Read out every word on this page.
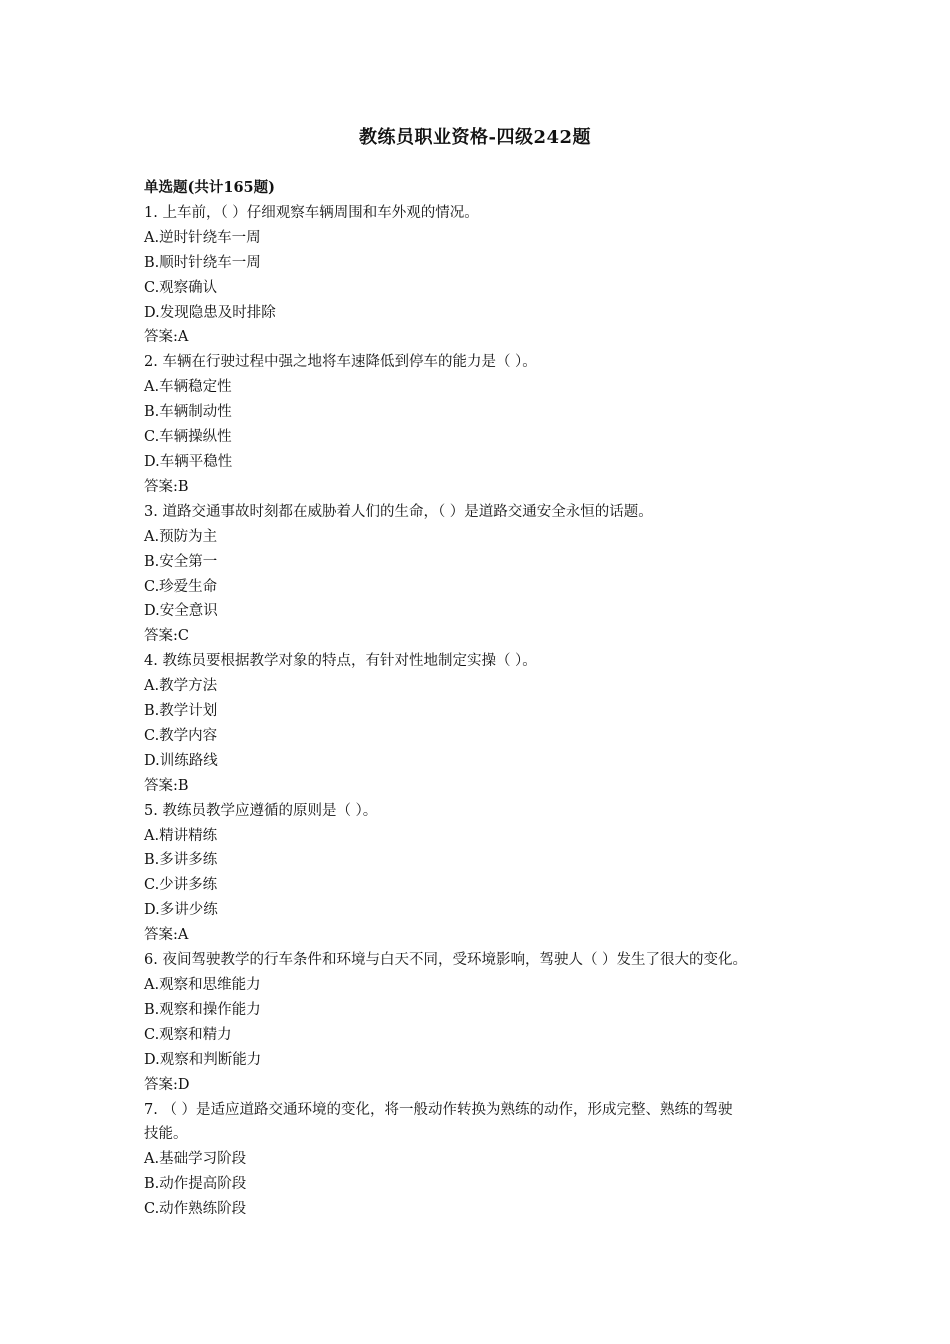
教练员职业资格-四级242题

单选题(共计165题)

1. 上车前，（ ）仔细观察车辆周围和车外观的情况。

A.逆时针绕车一周

B.顺时针绕车一周

C.观察确认

D.发现隐患及时排除

答案:A

2. 车辆在行驶过程中强之地将车速降低到停车的能力是（ ）。

A.车辆稳定性

B.车辆制动性

C.车辆操纵性

D.车辆平稳性

答案:B

3. 道路交通事故时刻都在威胁着人们的生命，（ ）是道路交通安全永恒的话题。

A.预防为主

B.安全第一

C.珍爱生命

D.安全意识

答案:C

4. 教练员要根据教学对象的特点，有针对性地制定实操（ ）。

A.教学方法

B.教学计划

C.教学内容

D.训练路线

答案:B

5. 教练员教学应遵循的原则是（ ）。

A.精讲精练

B.多讲多练

C.少讲多练

D.多讲少练

答案:A

6. 夜间驾驶教学的行车条件和环境与白天不同，受环境影响，驾驶人（ ）发生了很大的变化。

A.观察和思维能力

B.观察和操作能力

C.观察和精力

D.观察和判断能力

答案:D

7. （ ）是适应道路交通环境的变化，将一般动作转换为熟练的动作，形成完整、熟练的驾驶

技能。

A.基础学习阶段

B.动作提高阶段

C.动作熟练阶段
